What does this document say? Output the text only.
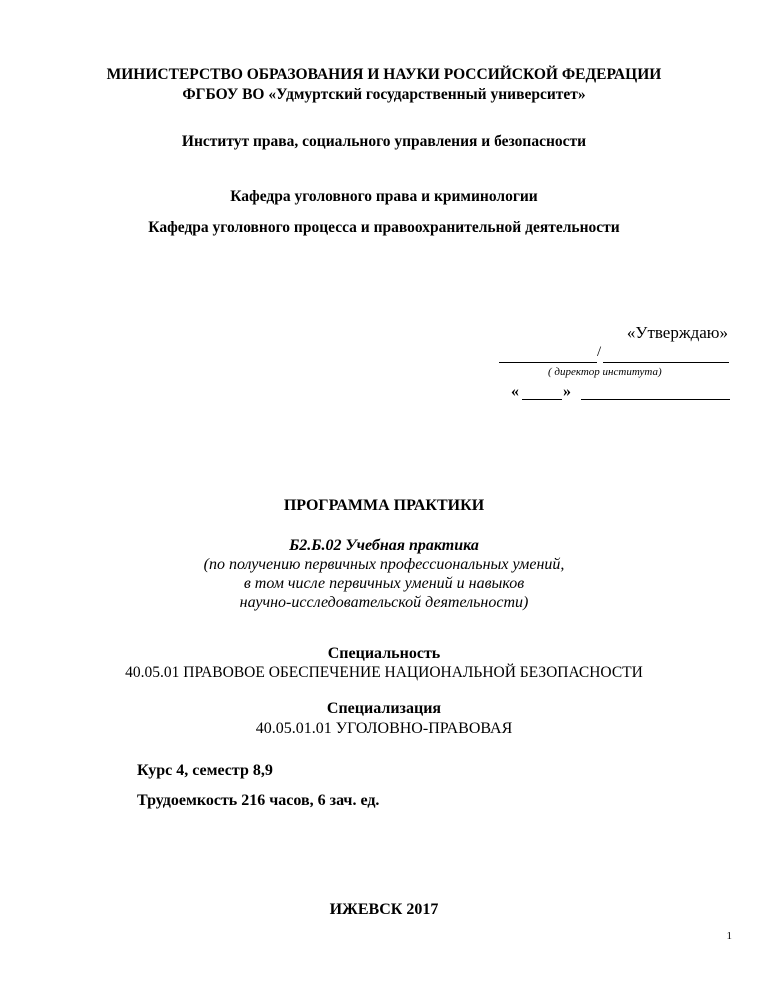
МИНИСТЕРСТВО ОБРАЗОВАНИЯ И НАУКИ РОССИЙСКОЙ ФЕДЕРАЦИИ
ФГБОУ ВО «Удмуртский государственный университет»
Институт права, социального управления и безопасности
Кафедра уголовного права и криминологии
Кафедра уголовного процесса и правоохранительной деятельности
«Утверждаю»
/
( директор института)
«	»
ПРОГРАММА ПРАКТИКИ
Б2.Б.02 Учебная практика
(по получению первичных профессиональных умений,
в том числе первичных умений и навыков
научно-исследовательской деятельности)
Специальность
40.05.01 ПРАВОВОЕ ОБЕСПЕЧЕНИЕ НАЦИОНАЛЬНОЙ БЕЗОПАСНОСТИ
Специализация
40.05.01.01 УГОЛОВНО-ПРАВОВАЯ
Курс 4, семестр 8,9
Трудоемкость 216 часов, 6 зач. ед.
ИЖЕВСК 2017
1
